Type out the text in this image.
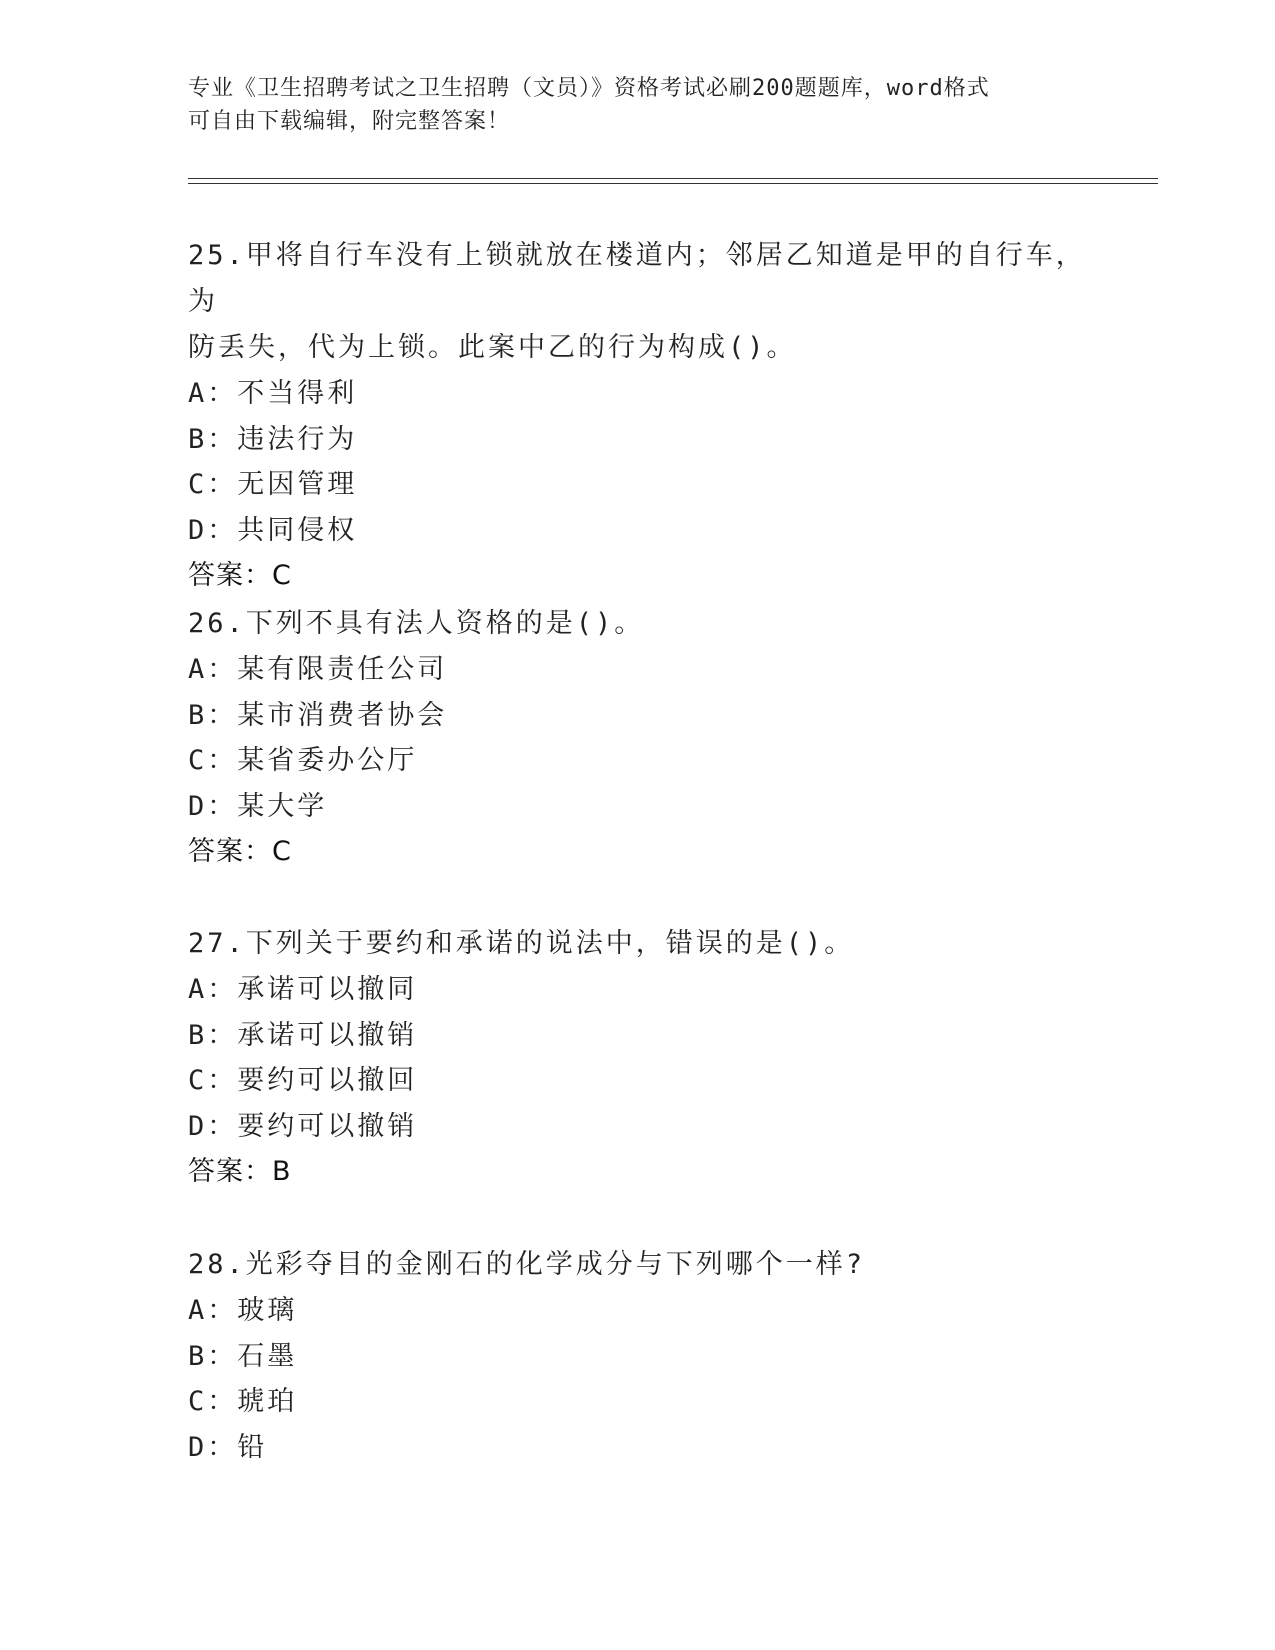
专业《卫生招聘考试之卫生招聘（文员）》资格考试必刷200题题库，word格式
可自由下载编辑，附完整答案！
25.甲将自行车没有上锁就放在楼道内；邻居乙知道是甲的自行车，为
防丢失，代为上锁。此案中乙的行为构成()。
A：不当得利
B：违法行为
C：无因管理
D：共同侵权
答案：C
26.下列不具有法人资格的是()。
A：某有限责任公司
B：某市消费者协会
C：某省委办公厅
D：某大学
答案：C
27.下列关于要约和承诺的说法中，错误的是()。
A：承诺可以撤同
B：承诺可以撤销
C：要约可以撤回
D：要约可以撤销
答案：B
28.光彩夺目的金刚石的化学成分与下列哪个一样?
A：玻璃
B：石墨
C：琥珀
D：铅
